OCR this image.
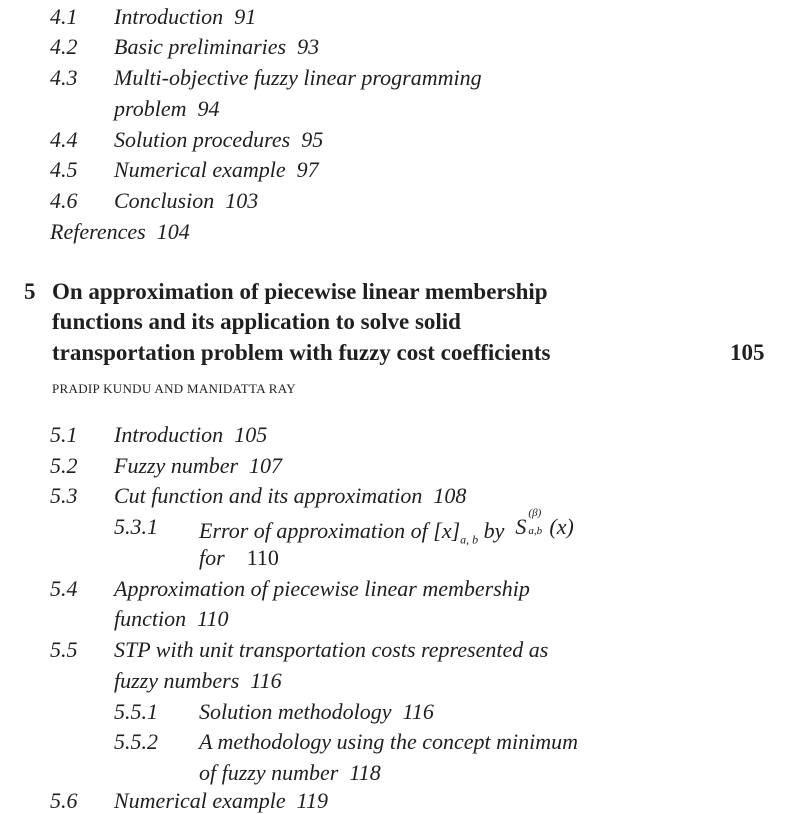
4.1 Introduction 91
4.2 Basic preliminaries 93
4.3 Multi-objective fuzzy linear programming
problem 94
4.4 Solution procedures 95
4.5 Numerical example 97
4.6 Conclusion 103
References 104
5 On approximation of piecewise linear membership
functions and its application to solve solid
transportation problem with fuzzy cost coefficients	105
PRADIP KUNDU AND MANIDATTA RAY
5.1 Introduction 105
5.2 Fuzzy number 107
5.3 Cut function and its approximation 108
5.3.1 Error of approximation of $[x]_{a, b}$ by S
(β)
a,b (x)
for 110
5.4 Approximation of piecewise linear membership
function 110
5.5 STP with unit transportation costs represented as
fuzzy numbers 116
5.5.1 Solution methodology 116
5.5.2 A methodology using the concept minimum
of fuzzy number 118
5.6 Numerical example 119
